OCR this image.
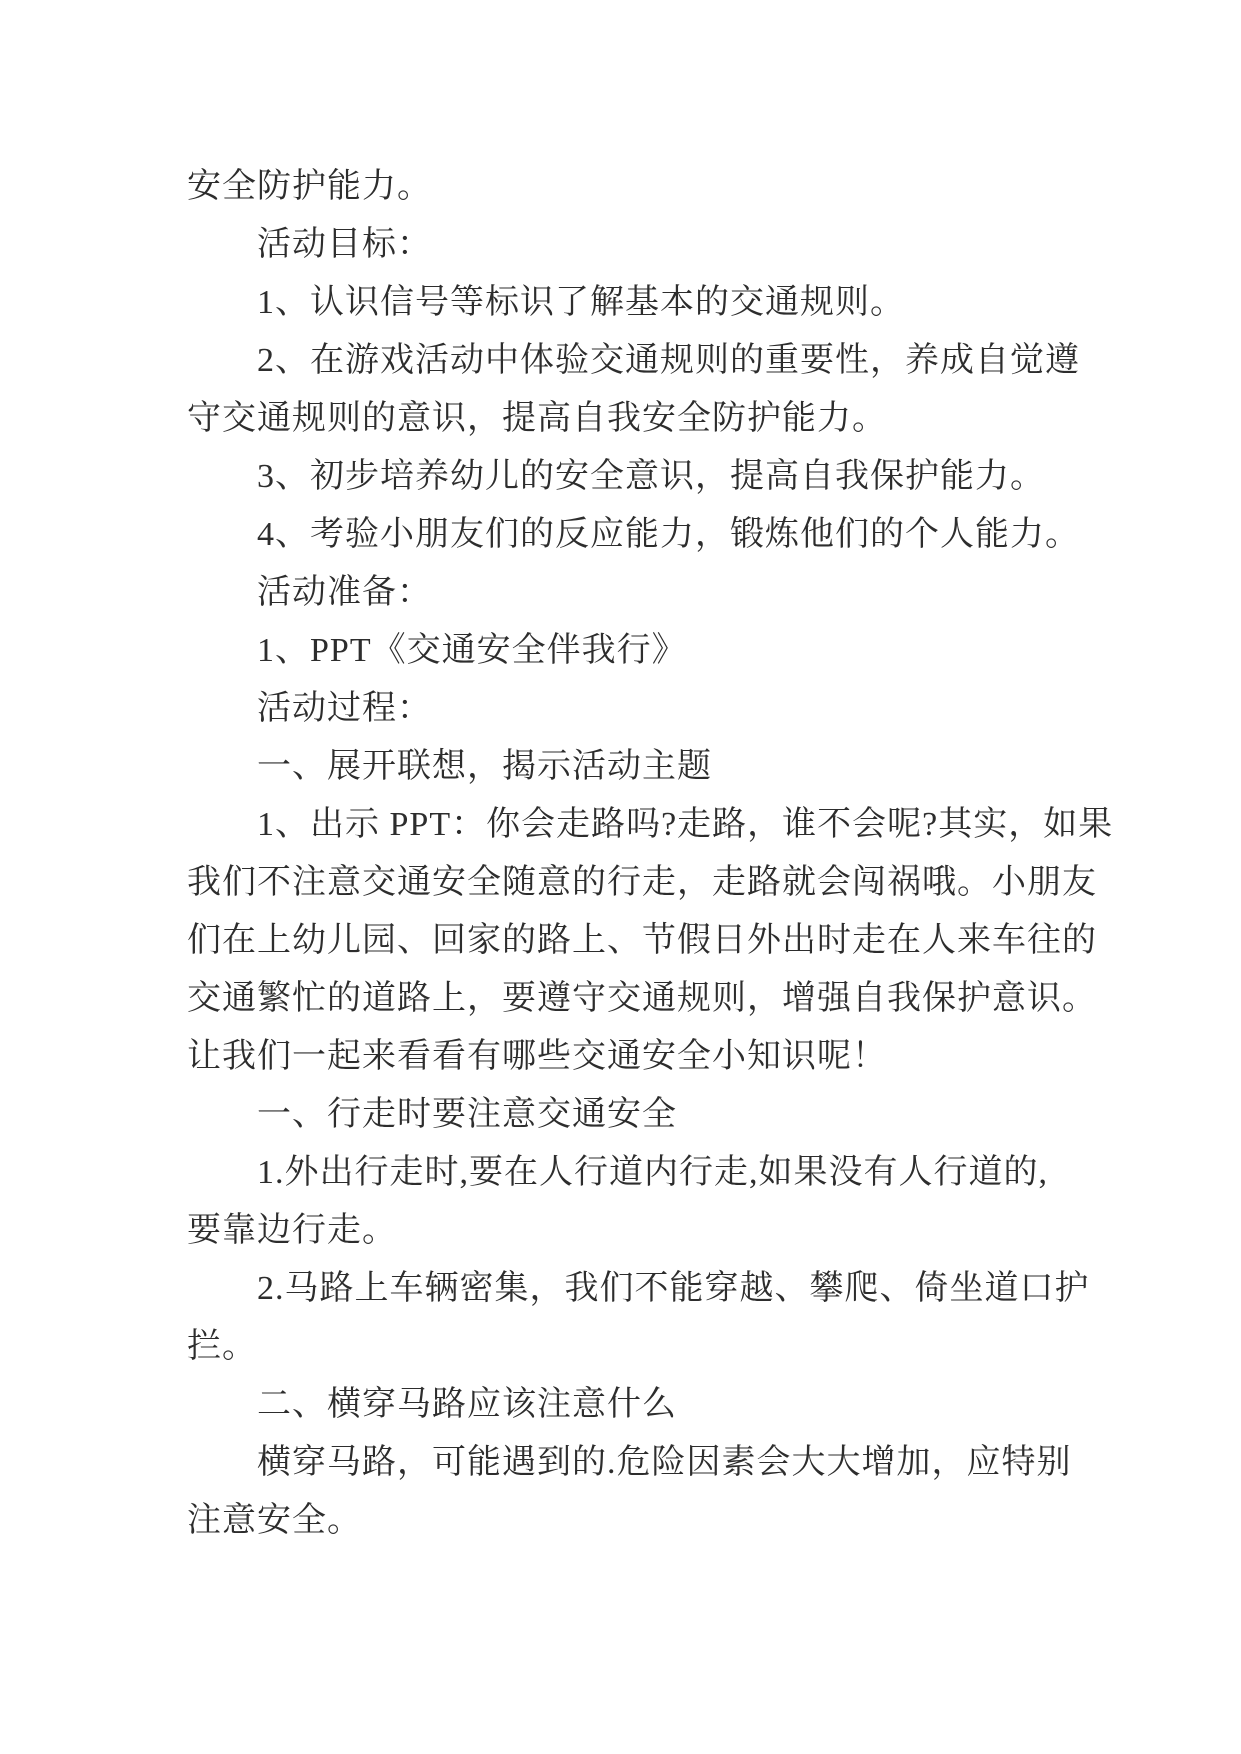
安全防护能力。
活动目标：
1、认识信号等标识了解基本的交通规则。
2、在游戏活动中体验交通规则的重要性，养成自觉遵
守交通规则的意识，提高自我安全防护能力。
3、初步培养幼儿的安全意识，提高自我保护能力。
4、考验小朋友们的反应能力，锻炼他们的个人能力。
活动准备：
1、PPT《交通安全伴我行》
活动过程：
一、展开联想，揭示活动主题
1、出示 PPT：你会走路吗?走路，谁不会呢?其实，如果
我们不注意交通安全随意的行走，走路就会闯祸哦。小朋友
们在上幼儿园、回家的路上、节假日外出时走在人来车往的
交通繁忙的道路上，要遵守交通规则，增强自我保护意识。
让我们一起来看看有哪些交通安全小知识呢！
一、行走时要注意交通安全
1.外出行走时,要在人行道内行走,如果没有人行道的,
要靠边行走。
2.马路上车辆密集，我们不能穿越、攀爬、倚坐道口护
拦。
二、横穿马路应该注意什么
横穿马路，可能遇到的.危险因素会大大增加，应特别
注意安全。
